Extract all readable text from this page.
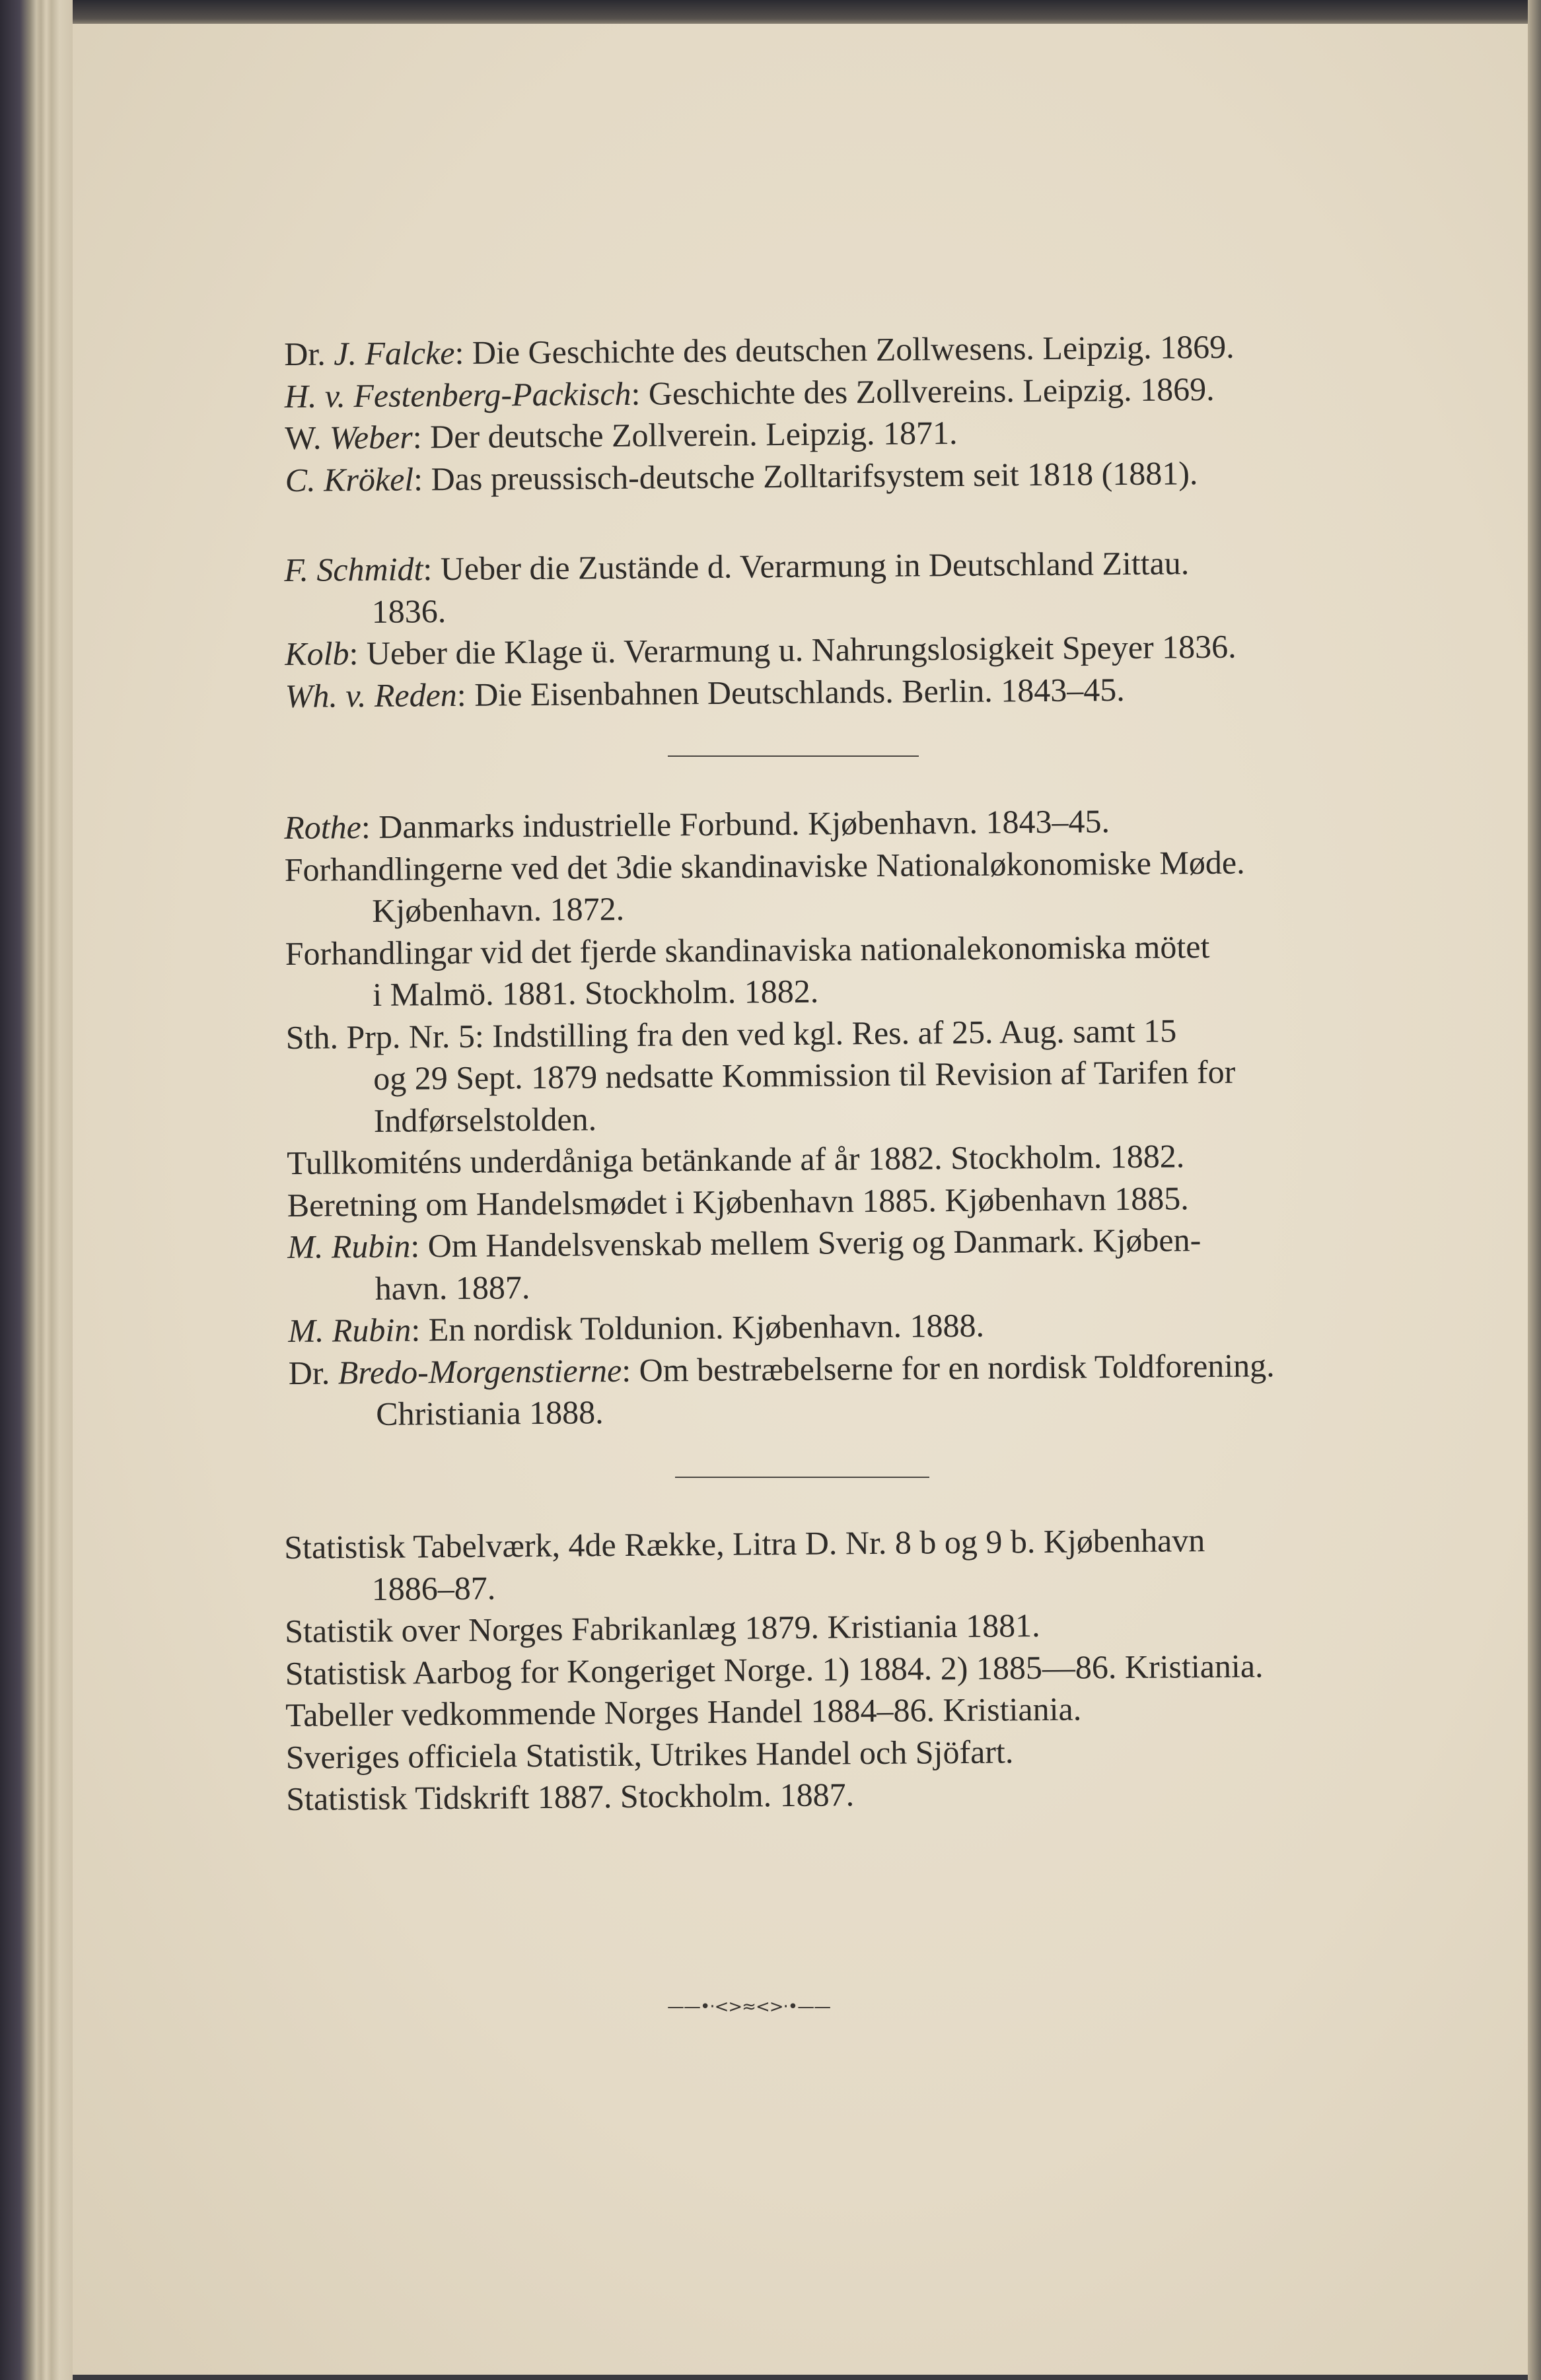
Dr. J. Falcke: Die Geschichte des deutschen Zollwesens. Leipzig. 1869.
H. v. Festenberg-Packisch: Geschichte des Zollvereins. Leipzig. 1869.
W. Weber: Der deutsche Zollverein. Leipzig. 1871.
C. Krökel: Das preussisch-deutsche Zolltarifsystem seit 1818 (1881).
F. Schmidt: Ueber die Zustände d. Verarmung in Deutschland Zittau.
1836.
Kolb: Ueber die Klage ü. Verarmung u. Nahrungslosigkeit Speyer 1836.
Wh. v. Reden: Die Eisenbahnen Deutschlands. Berlin. 1843–45.
Rothe: Danmarks industrielle Forbund. Kjøbenhavn. 1843–45.
Forhandlingerne ved det 3die skandinaviske Nationaløkonomiske Møde.
Kjøbenhavn. 1872.
Forhandlingar vid det fjerde skandinaviska nationalekonomiska mötet
i Malmö. 1881. Stockholm. 1882.
Sth. Prp. Nr. 5: Indstilling fra den ved kgl. Res. af 25. Aug. samt 15
og 29 Sept. 1879 nedsatte Kommission til Revision af Tarifen for
Indførselstolden.
Tullkomiténs underdåniga betänkande af år 1882. Stockholm. 1882.
Beretning om Handelsmødet i Kjøbenhavn 1885. Kjøbenhavn 1885.
M. Rubin: Om Handelsvenskab mellem Sverig og Danmark. Kjøben-
havn. 1887.
M. Rubin: En nordisk Toldunion. Kjøbenhavn. 1888.
Dr. Bredo-Morgenstierne: Om bestræbelserne for en nordisk Toldforening.
Christiania 1888.
Statistisk Tabelværk, 4de Række, Litra D. Nr. 8 b og 9 b. Kjøbenhavn
1886–87.
Statistik over Norges Fabrikanlæg 1879. Kristiania 1881.
Statistisk Aarbog for Kongeriget Norge. 1) 1884. 2) 1885—86. Kristiania.
Tabeller vedkommende Norges Handel 1884–86. Kristiania.
Sveriges officiela Statistik, Utrikes Handel och Sjöfart.
Statistisk Tidskrift 1887. Stockholm. 1887.
——•·<>≈<>·•——
